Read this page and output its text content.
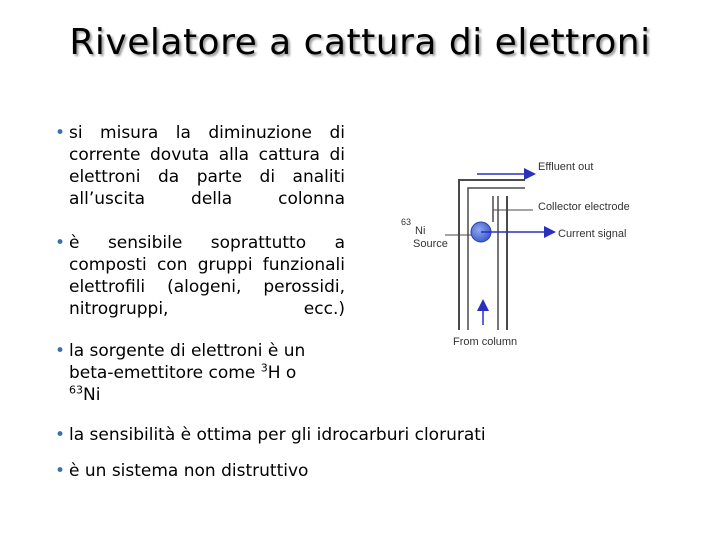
Rivelatore a cattura di elettroni
• si misura la diminuzione di corrente dovuta alla cattura di elettroni da parte di analiti all’uscita della colonna
• è sensibile soprattutto a composti con gruppi funzionali elettrofili (alogeni, perossidi, nitrogruppi, ecc.)
• la sorgente di elettroni è un beta-emettitore come $^3$H o
$^{63}$Ni
• la sensibilità è ottima per gli idrocarburi clorurati
• è un sistema non distruttivo
Effluent out
Collector electrode
63
Ni
Source
Current signal
From column
